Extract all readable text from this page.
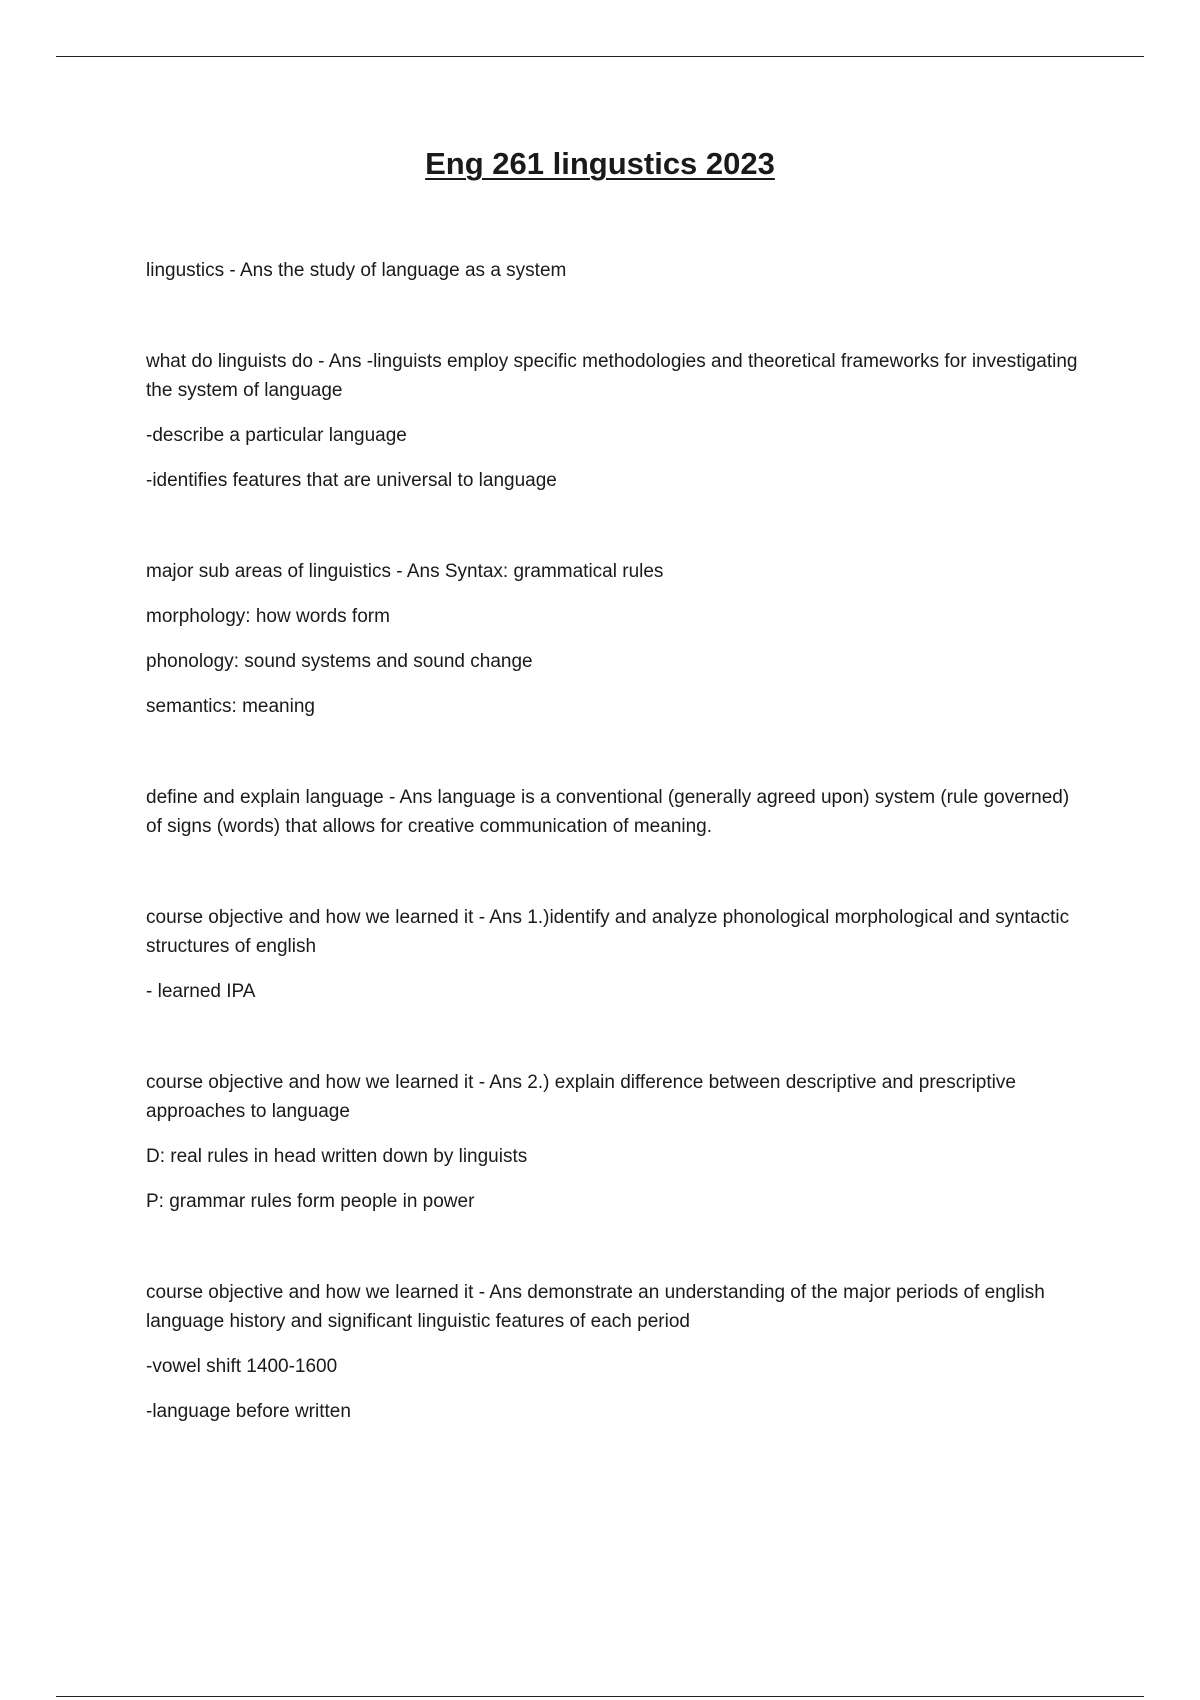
Eng 261 lingustics 2023

lingustics - Ans the study of language as a system

what do linguists do - Ans -linguists employ specific methodologies and theoretical frameworks for investigating the system of language

-describe a particular language

-identifies features that are universal to language

major sub areas of linguistics - Ans Syntax: grammatical rules

morphology: how words form

phonology: sound systems and sound change

semantics: meaning

define and explain language - Ans language is a conventional (generally agreed upon) system (rule governed) of signs (words) that allows for creative communication of meaning.

course objective and how we learned it - Ans 1.)identify and analyze phonological morphological and syntactic structures of english

- learned IPA

course objective and how we learned it - Ans 2.) explain difference between descriptive and prescriptive approaches to language

D: real rules in head written down by linguists

P: grammar rules form people in power

course objective and how we learned it - Ans demonstrate an understanding of the major periods of english language history and significant linguistic features of each period

-vowel shift 1400-1600

-language before written
